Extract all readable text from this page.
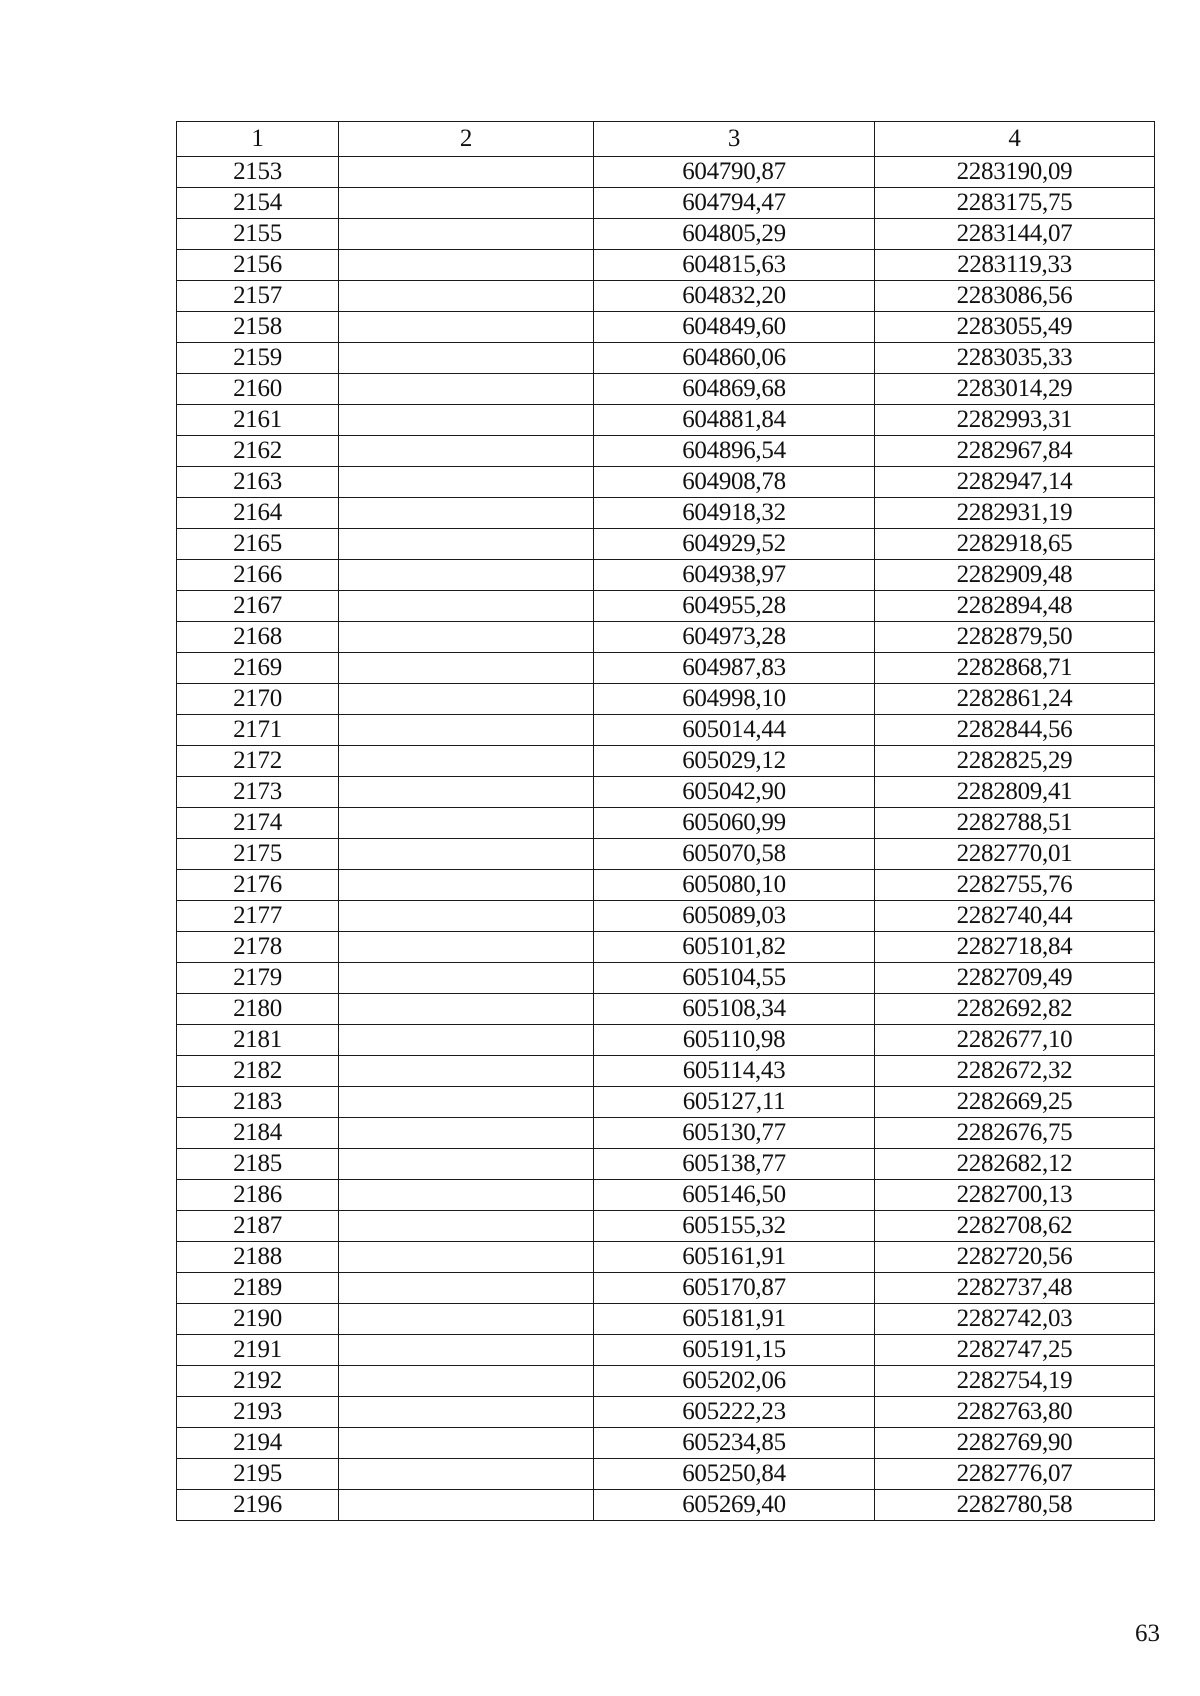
1	2	3	4
2153		604790,87	2283190,09
2154		604794,47	2283175,75
2155		604805,29	2283144,07
2156		604815,63	2283119,33
2157		604832,20	2283086,56
2158		604849,60	2283055,49
2159		604860,06	2283035,33
2160		604869,68	2283014,29
2161		604881,84	2282993,31
2162		604896,54	2282967,84
2163		604908,78	2282947,14
2164		604918,32	2282931,19
2165		604929,52	2282918,65
2166		604938,97	2282909,48
2167		604955,28	2282894,48
2168		604973,28	2282879,50
2169		604987,83	2282868,71
2170		604998,10	2282861,24
2171		605014,44	2282844,56
2172		605029,12	2282825,29
2173		605042,90	2282809,41
2174		605060,99	2282788,51
2175		605070,58	2282770,01
2176		605080,10	2282755,76
2177		605089,03	2282740,44
2178		605101,82	2282718,84
2179		605104,55	2282709,49
2180		605108,34	2282692,82
2181		605110,98	2282677,10
2182		605114,43	2282672,32
2183		605127,11	2282669,25
2184		605130,77	2282676,75
2185		605138,77	2282682,12
2186		605146,50	2282700,13
2187		605155,32	2282708,62
2188		605161,91	2282720,56
2189		605170,87	2282737,48
2190		605181,91	2282742,03
2191		605191,15	2282747,25
2192		605202,06	2282754,19
2193		605222,23	2282763,80
2194		605234,85	2282769,90
2195		605250,84	2282776,07
2196		605269,40	2282780,58
63
